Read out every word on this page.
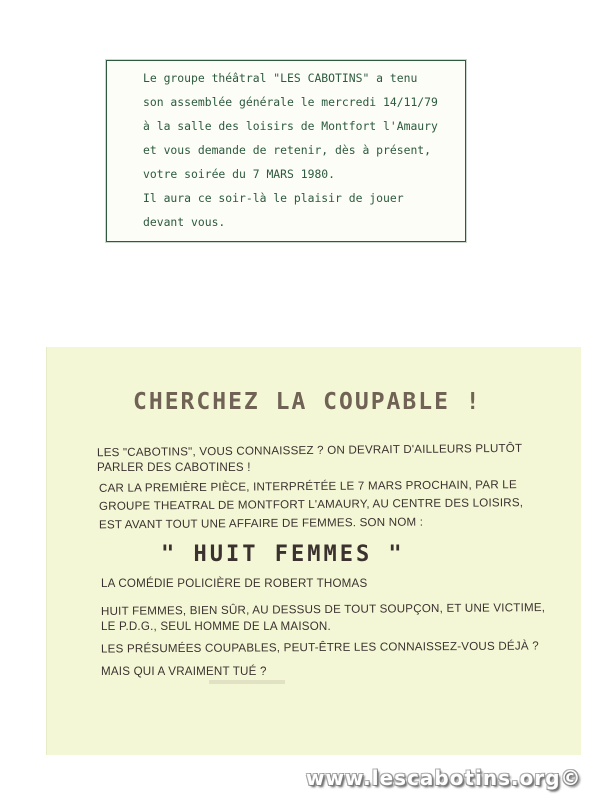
Le groupe théâtral "LES CABOTINS" a tenu
son assemblée générale le mercredi 14/11/79
à la salle des loisirs de Montfort l'Amaury
et vous demande de retenir, dès à présent,
votre soirée du 7 MARS 1980.
Il aura ce soir-là le plaisir de jouer
devant vous.
CHERCHEZ LA COUPABLE !
LES "CABOTINS", VOUS CONNAISSEZ ? ON DEVRAIT D'AILLEURS PLUTÔT
PARLER DES CABOTINES !
CAR LA PREMIÈRE PIÈCE, INTERPRÉTÉE LE 7 MARS PROCHAIN, PAR LE
GROUPE THEATRAL DE MONTFORT L'AMAURY, AU CENTRE DES LOISIRS,
EST AVANT TOUT UNE AFFAIRE DE FEMMES. SON NOM :
" HUIT FEMMES "
LA COMÉDIE POLICIÈRE DE ROBERT THOMAS
HUIT FEMMES, BIEN SÛR, AU DESSUS DE TOUT SOUPÇON, ET UNE VICTIME,
LE P.D.G., SEUL HOMME DE LA MAISON.
LES PRÉSUMÉES COUPABLES, PEUT-ÊTRE LES CONNAISSEZ-VOUS DÉJÀ ?
MAIS QUI A VRAIMENT TUÉ ?
www.lescabotins.org©
